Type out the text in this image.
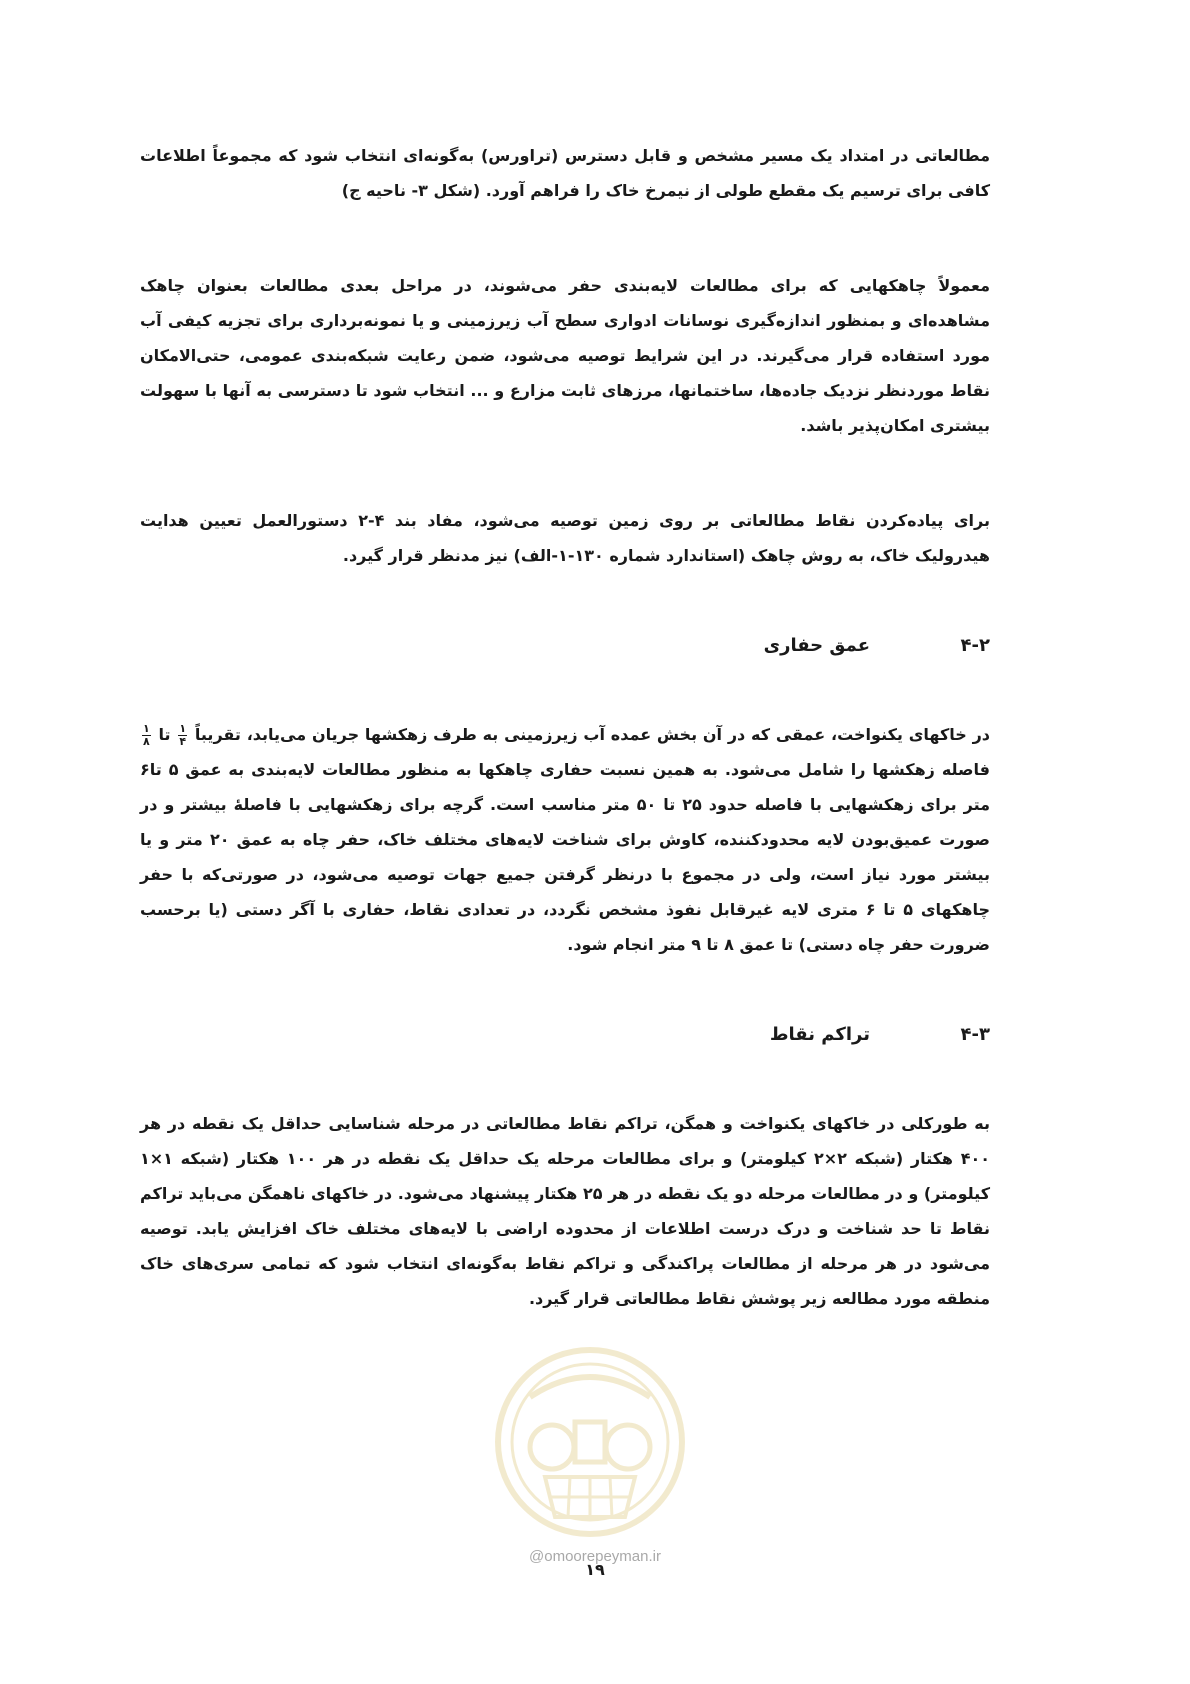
مطالعاتی در امتداد یک مسیر مشخص و قابل دسترس (تراورس) به‌گونه‌ای انتخاب شود که مجموعاً اطلاعات کافی برای ترسیم یک مقطع طولی از نیمرخ خاک را فراهم آورد. (شکل ۳- ناحیه ج)

معمولاً چاهکهایی که برای مطالعات لایه‌بندی حفر می‌شوند، در مراحل بعدی مطالعات بعنوان چاهک مشاهده‌ای و بمنظور اندازه‌گیری نوسانات ادواری سطح آب زیرزمینی و یا نمونه‌برداری برای تجزیه کیفی آب مورد استفاده قرار می‌گیرند. در این شرایط توصیه می‌شود، ضمن رعایت شبکه‌بندی عمومی، حتی‌الامکان نقاط موردنظر نزدیک جاده‌ها، ساختمانها، مرزهای ثابت مزارع و ... انتخاب شود تا دسترسی به آنها با سهولت بیشتری امکان‌پذیر باشد.

برای پیاده‌کردن نقاط مطالعاتی بر روی زمین توصیه می‌شود، مفاد بند ۴-۲ دستورالعمل تعیین هدایت هیدرولیک خاک، به روش چاهک (استاندارد شماره ۱۳۰-۱-الف) نیز مدنظر قرار گیرد.

۴-۲
عمق حفاری

در خاکهای یکنواخت، عمقی که در آن بخش عمده آب زیرزمینی به طرف زهکشها جریان می‌یابد، تقریباً
$\frac{۱}{۴}$
تا
$\frac{۱}{۸}$
فاصله زهکشها را شامل می‌شود. به همین نسبت حفاری چاهکها به منظور مطالعات لایه‌بندی به عمق ۵ تا۶ متر برای زهکشهایی با فاصله حدود ۲۵ تا ۵۰ متر مناسب است. گرچه برای زهکشهایی با فاصلهٔ بیشتر و در صورت عمیق‌بودن لایه محدودکننده، کاوش برای شناخت لایه‌های مختلف خاک، حفر چاه به عمق ۲۰ متر و یا بیشتر مورد نیاز است، ولی در مجموع با درنظر گرفتن جمیع جهات توصیه می‌شود، در صورتی‌که با حفر چاهکهای ۵ تا ۶ متری لایه غیرقابل نفوذ مشخص نگردد، در تعدادی نقاط، حفاری با آگر دستی (یا برحسب ضرورت حفر چاه دستی) تا عمق ۸ تا ۹ متر انجام شود.

۴-۳
تراکم نقاط

به طورکلی در خاکهای یکنواخت و همگن، تراکم نقاط مطالعاتی در مرحله شناسایی حداقل یک نقطه در هر ۴۰۰ هکتار (شبکه ۲×۲ کیلومتر) و برای مطالعات مرحله یک حداقل یک نقطه در هر ۱۰۰ هکتار (شبکه ۱×۱ کیلومتر) و در مطالعات مرحله دو یک نقطه در هر ۲۵ هکتار پیشنهاد می‌شود. در خاکهای ناهمگن می‌باید تراکم نقاط تا حد شناخت و درک درست اطلاعات از محدوده اراضی با لایه‌های مختلف خاک افزایش یابد. توصیه می‌شود در هر مرحله از مطالعات پراکندگی و تراکم نقاط به‌گونه‌ای انتخاب شود که تمامی سری‌های خاک منطقه مورد مطالعه زیر پوشش نقاط مطالعاتی قرار گیرد.

@omoorepeyman.ir
۱۹
